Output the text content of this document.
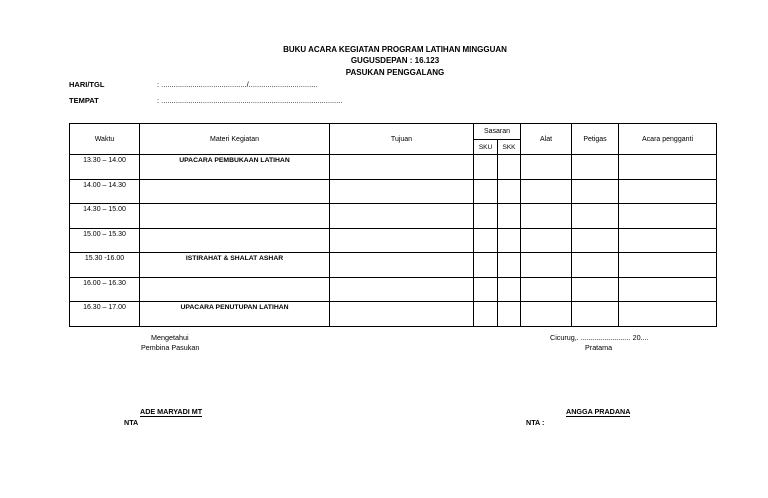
BUKU ACARA KEGIATAN PROGRAM LATIHAN MINGGUAN
GUGUSDEPAN : 16.123
PASUKAN PENGGALANG
HARI/TGL	: ........................................./.................................
TEMPAT	: .......................................................................................
Waktu	Materi Kegiatan	Tujuan	Sasaran		Alat	Petigas	Acara pengganti
			SKU	SKK			
13.30 – 14.00	UPACARA PEMBUKAAN LATIHAN						
14.00 – 14.30							
14.30 – 15.00							
15.00 – 15.30							
15.30 -16.00	ISTIRAHAT & SHALAT ASHAR						
16.00 – 16.30							
16.30 – 17.00	UPACARA PENUTUPAN LATIHAN						
Mengetahui
Pembina Pasukan
ADE MARYADI MT
NTA
Cicurug,. ......................... 20....
Pratama
ANGGA PRADANA
NTA :
